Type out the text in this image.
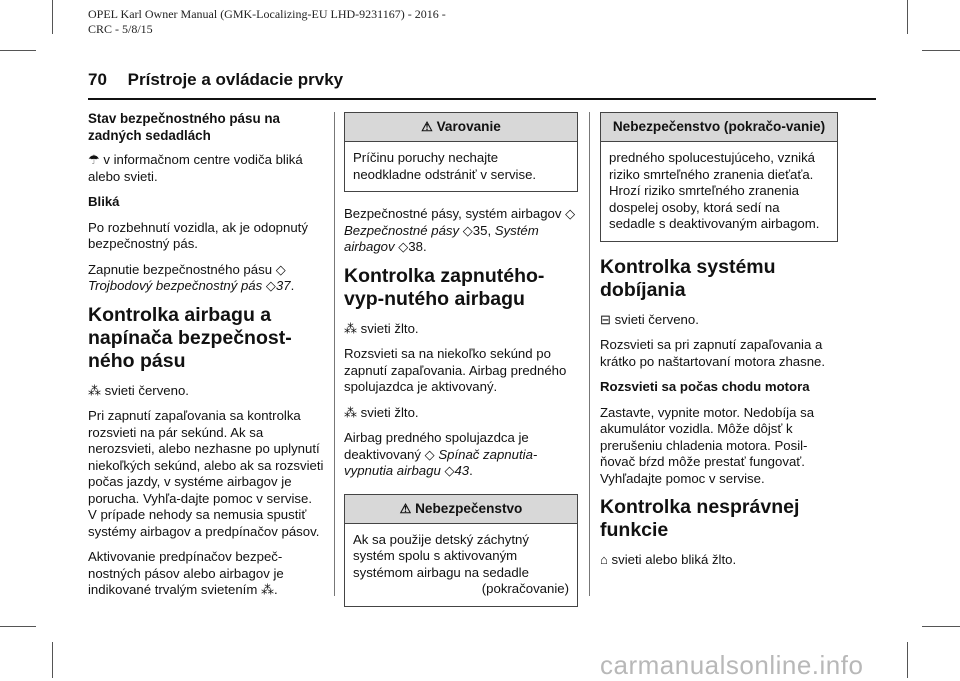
OPEL Karl Owner Manual (GMK-Localizing-EU LHD-9231167) - 2016 -
CRC - 5/8/15
70 Prístroje a ovládacie prvky
Stav bezpečnostného pásu na zadných sedadlách

☂ v informačnom centre vodiča bliká alebo svieti.

Bliká

Po rozbehnutí vozidla, ak je odopnutý bezpečnostný pás.

Zapnutie bezpečnostného pásu ◇ Trojbodový bezpečnostný pás ◇37.

Kontrolka airbagu a napínača bezpečnost-ného pásu

⁂ svieti červeno.

Pri zapnutí zapaľovania sa kontrolka rozsvieti na pár sekúnd. Ak sa nerozsvieti, alebo nezhasne po uplynutí niekoľkých sekúnd, alebo ak sa rozsvieti počas jazdy, v systéme airbagov je porucha. Vyhľa-dajte pomoc v servise. V prípade nehody sa nemusia spustiť systémy airbagov a predpínačov pásov.

Aktivovanie predpínačov bezpeč-nostných pásov alebo airbagov je indikované trvalým svietením ⁂.

⚠ Varovanie
Príčinu poruchy nechajte neodkladne odstrániť v servise.

Bezpečnostné pásy, systém airbagov ◇ Bezpečnostné pásy ◇35, Systém airbagov ◇38.

Kontrolka zapnutého-vyp-nutého airbagu

⁂ svieti žlto.

Rozsvieti sa na niekoľko sekúnd po zapnutí zapaľovania. Airbag predného spolujazdca je aktivovaný.

⁂ svieti žlto.

Airbag predného spolujazdca je deaktivovaný ◇ Spínač zapnutia-vypnutia airbagu ◇43.

⚠ Nebezpečenstvo
Ak sa použije detský záchytný systém spolu s aktivovaným systémom airbagu na sedadle
(pokračovanie)
Nebezpečenstvo (pokračo-vanie)
predného spolucestujúceho, vzniká riziko smrteľného zranenia dieťaťa. Hrozí riziko smrteľného zranenia dospelej osoby, ktorá sedí na sedadle s deaktivovaným airbagom.
Kontrolka systému dobíjania

⊟ svieti červeno.

Rozsvieti sa pri zapnutí zapaľovania a krátko po naštartovaní motora zhasne.

Rozsvieti sa počas chodu motora

Zastavte, vypnite motor. Nedobíja sa akumulátor vozidla. Môže dôjsť k prerušeniu chladenia motora. Posil-ňovač bŕzd môže prestať fungovať. Vyhľadajte pomoc v servise.

Kontrolka nesprávnej funkcie

⌂ svieti alebo bliká žlto.

carmanualsonline.info
